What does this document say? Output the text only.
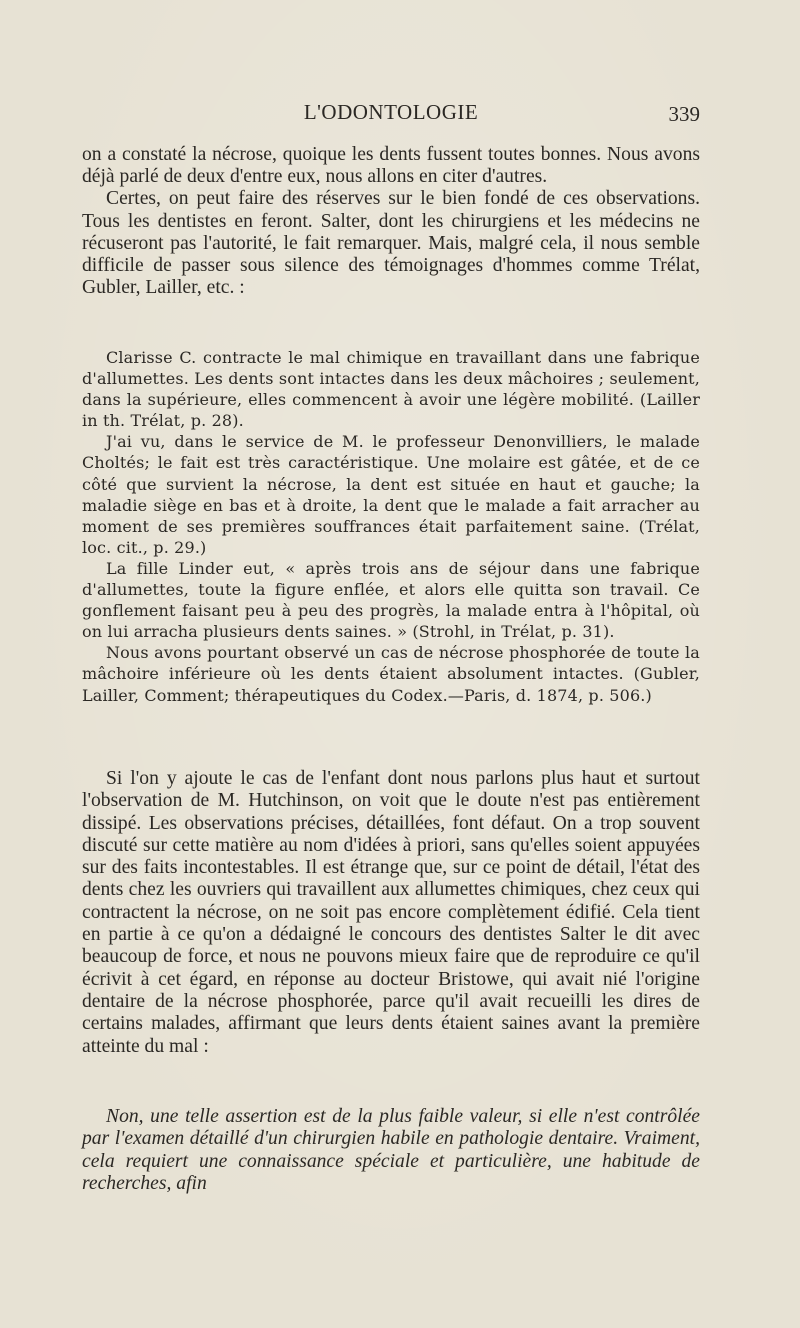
L'ODONTOLOGIE	339

on a constaté la nécrose, quoique les dents fussent toutes bonnes. Nous avons déjà parlé de deux d'entre eux, nous allons en citer d'autres.

Certes, on peut faire des réserves sur le bien fondé de ces observations. Tous les dentistes en feront. Salter, dont les chirurgiens et les médecins ne récuseront pas l'autorité, le fait remarquer. Mais, malgré cela, il nous semble difficile de passer sous silence des témoignages d'hommes comme Trélat, Gubler, Lailler, etc. :

Clarisse C. contracte le mal chimique en travaillant dans une fabrique d'allumettes. Les dents sont intactes dans les deux mâchoires ; seulement, dans la supérieure, elles commencent à avoir une légère mobilité. (Lailler in th. Trélat, p. 28).

J'ai vu, dans le service de M. le professeur Denonvilliers, le malade Choltés; le fait est très caractéristique. Une molaire est gâtée, et de ce côté que survient la nécrose, la dent est située en haut et gauche; la maladie siège en bas et à droite, la dent que le malade a fait arracher au moment de ses premières souffrances était parfaitement saine. (Trélat, loc. cit., p. 29.)

La fille Linder eut, « après trois ans de séjour dans une fabrique d'allumettes, toute la figure enflée, et alors elle quitta son travail. Ce gonflement faisant peu à peu des progrès, la malade entra à l'hôpital, où on lui arracha plusieurs dents saines. » (Strohl, in Trélat, p. 31).

Nous avons pourtant observé un cas de nécrose phosphorée de toute la mâchoire inférieure où les dents étaient absolument intactes. (Gubler, Lailler, Comment; thérapeutiques du Codex.—Paris, d. 1874, p. 506.)

Si l'on y ajoute le cas de l'enfant dont nous parlons plus haut et surtout l'observation de M. Hutchinson, on voit que le doute n'est pas entièrement dissipé. Les observations précises, détaillées, font défaut. On a trop souvent discuté sur cette matière au nom d'idées à priori, sans qu'elles soient appuyées sur des faits incontestables. Il est étrange que, sur ce point de détail, l'état des dents chez les ouvriers qui travaillent aux allumettes chimiques, chez ceux qui contractent la nécrose, on ne soit pas encore complètement édifié. Cela tient en partie à ce qu'on a dédaigné le concours des dentistes Salter le dit avec beaucoup de force, et nous ne pouvons mieux faire que de reproduire ce qu'il écrivit à cet égard, en réponse au docteur Bristowe, qui avait nié l'origine dentaire de la nécrose phosphorée, parce qu'il avait recueilli les dires de certains malades, affirmant que leurs dents étaient saines avant la première atteinte du mal :

Non, une telle assertion est de la plus faible valeur, si elle n'est contrôlée par l'examen détaillé d'un chirurgien habile en pathologie dentaire. Vraiment, cela requiert une connaissance spéciale et particulière, une habitude de recherches, afin
